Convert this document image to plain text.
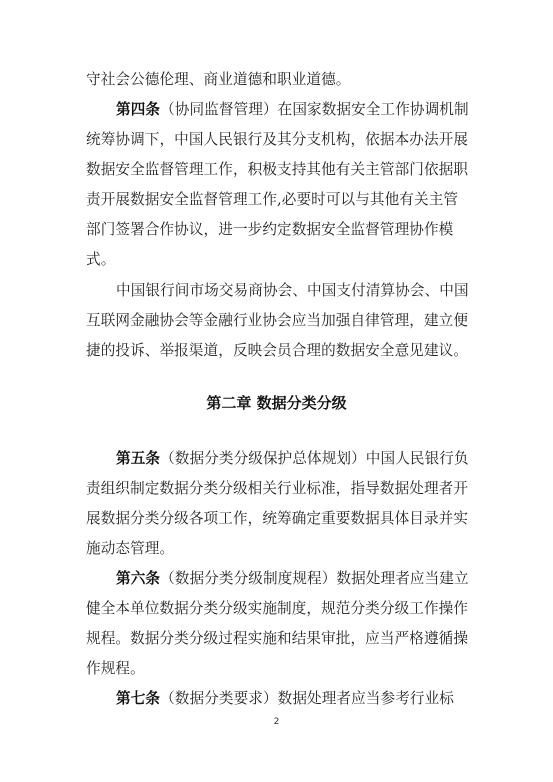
守社会公德伦理、商业道德和职业道德。
第四条（协同监督管理）在国家数据安全工作协调机制
统筹协调下，中国人民银行及其分支机构，依据本办法开展
数据安全监督管理工作，积极支持其他有关主管部门依据职
责开展数据安全监督管理工作,必要时可以与其他有关主管
部门签署合作协议，进一步约定数据安全监督管理协作模
式。
中国银行间市场交易商协会、中国支付清算协会、中国
互联网金融协会等金融行业协会应当加强自律管理，建立便
捷的投诉、举报渠道，反映会员合理的数据安全意见建议。
第二章 数据分类分级
第五条（数据分类分级保护总体规划）中国人民银行负
责组织制定数据分类分级相关行业标准，指导数据处理者开
展数据分类分级各项工作，统筹确定重要数据具体目录并实
施动态管理。
第六条（数据分类分级制度规程）数据处理者应当建立
健全本单位数据分类分级实施制度，规范分类分级工作操作
规程。数据分类分级过程实施和结果审批，应当严格遵循操
作规程。
第七条（数据分类要求）数据处理者应当参考行业标
2
